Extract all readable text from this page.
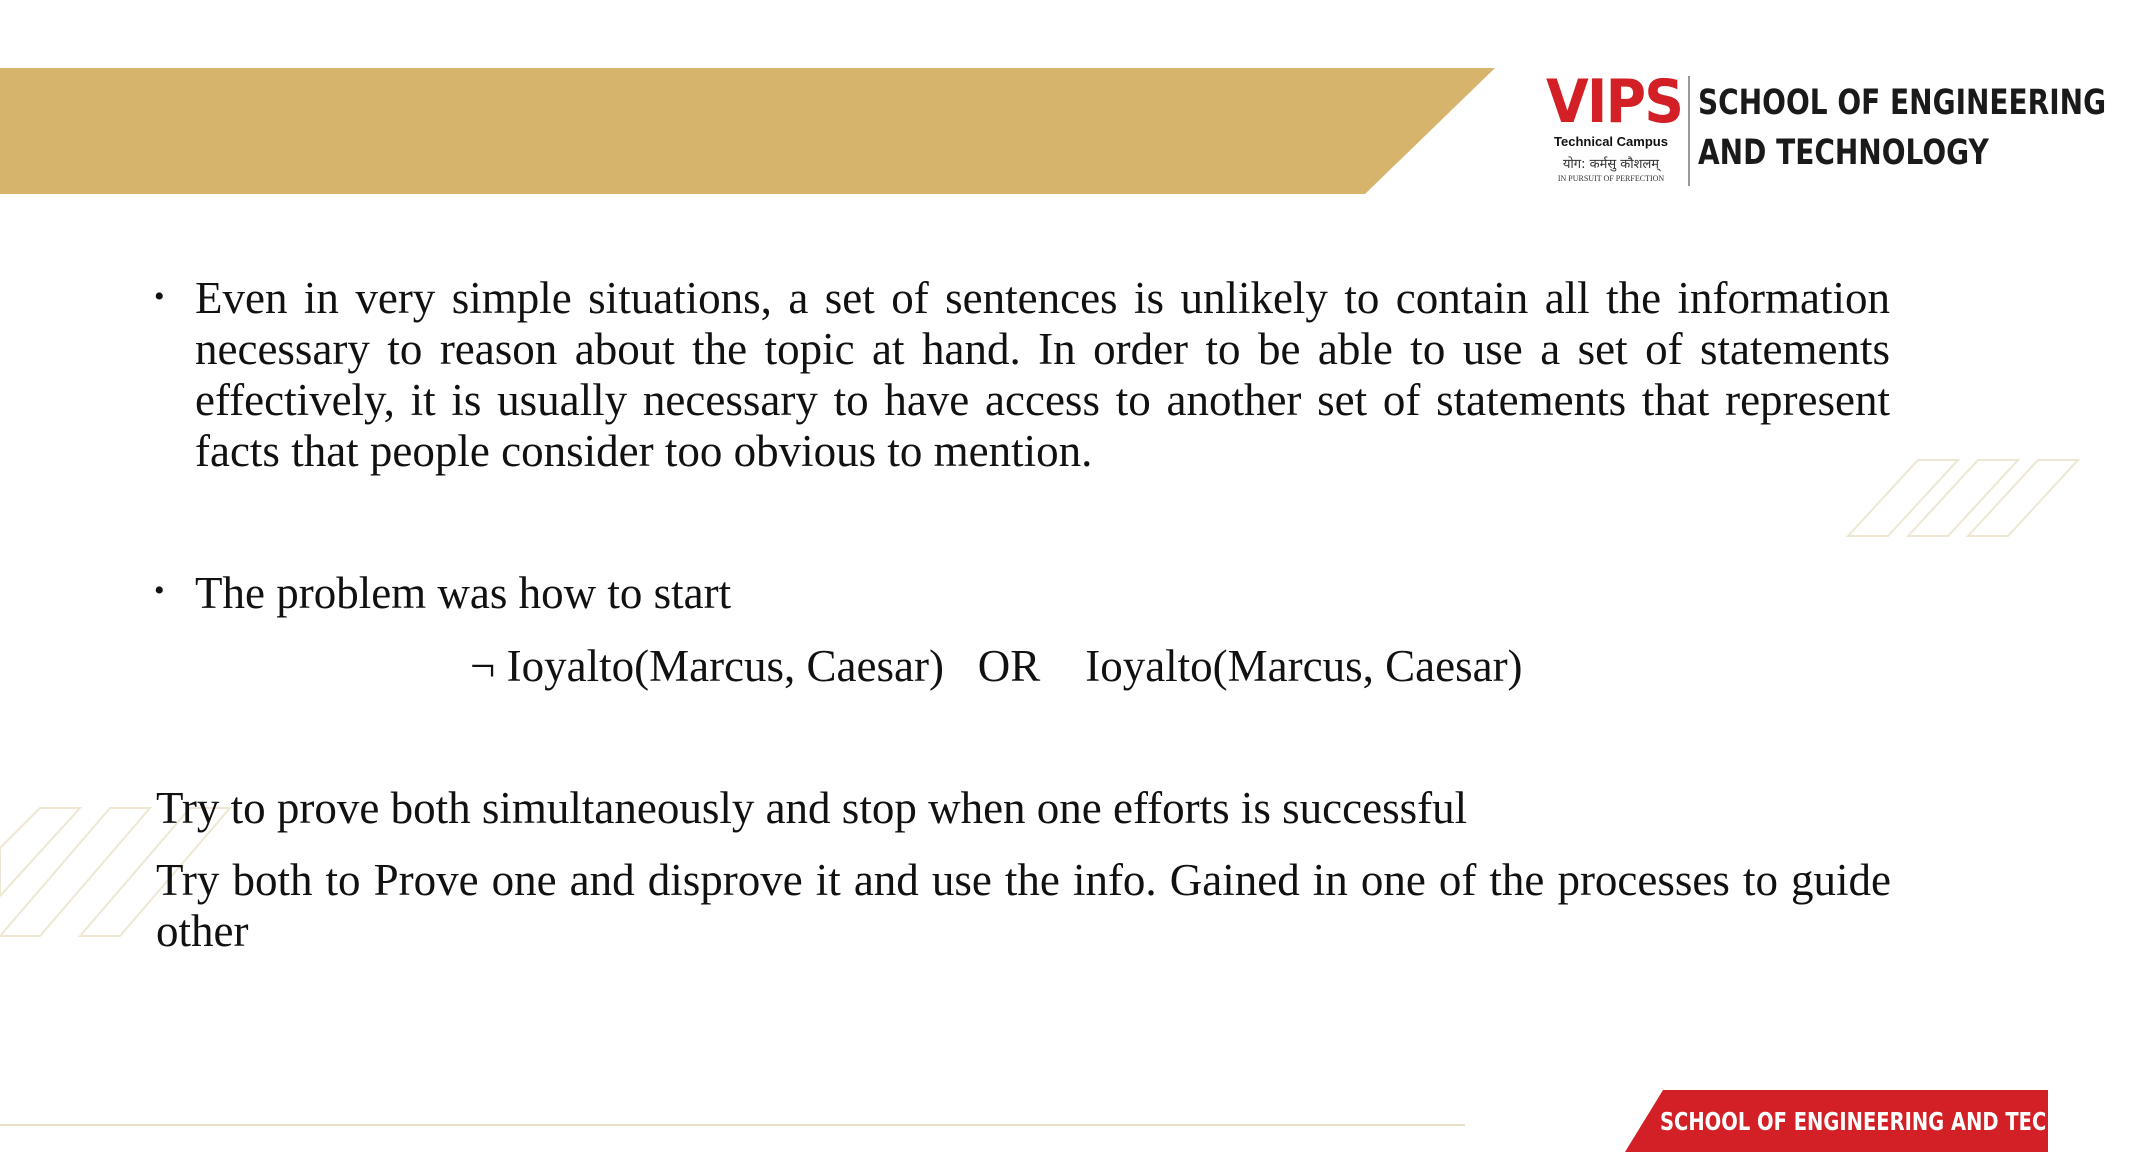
VIPS
Technical Campus
योग: कर्मसु कौशलम्
IN PURSUIT OF PERFECTION
SCHOOL OF ENGINEERING
AND TECHNOLOGY
• Even in very simple situations, a set of sentences is unlikely to contain all the information necessary to reason about the topic at hand. In order to be able to use a set of statements effectively, it is usually necessary to have access to another set of statements that represent facts that people consider too obvious to mention.
• The problem was how to start
¬ Ioyalto(Marcus, Caesar)   OR    Ioyalto(Marcus, Caesar)
Try to prove both simultaneously and stop when one efforts is successful
Try both to Prove one and disprove it and use the info. Gained in one of the processes to guide other
SCHOOL OF ENGINEERING AND TECHNOLOGY
